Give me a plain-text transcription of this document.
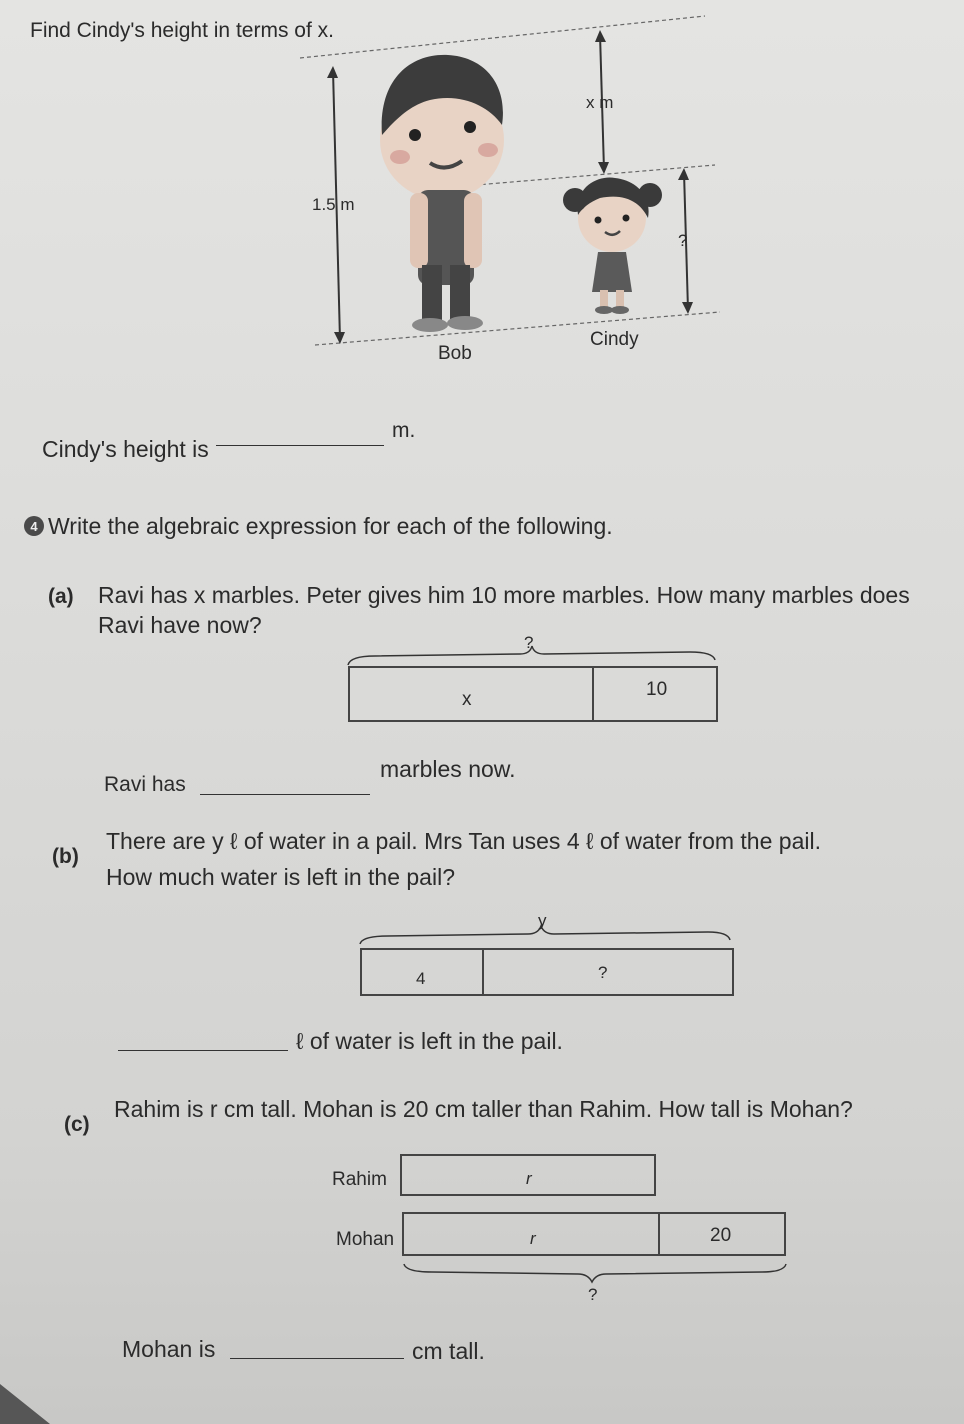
Find Cindy's height in terms of x.
x m
1.5 m
?
Bob
Cindy
Cindy's height is
m.
4 Write the algebraic expression for each of the following.
(a) Ravi has x marbles. Peter gives him 10 more marbles. How many marbles does
Ravi have now?
?
x	10
Ravi has
marbles now.
(b)
There are y ℓ of water in a pail. Mrs Tan uses 4 ℓ of water from the pail.
How much water is left in the pail?
y
4	?
ℓ of water is left in the pail.
(c)
Rahim is r cm tall. Mohan is 20 cm taller than Rahim. How tall is Mohan?
Rahim	r
Mohan	r	20
?
Mohan is	cm tall.
